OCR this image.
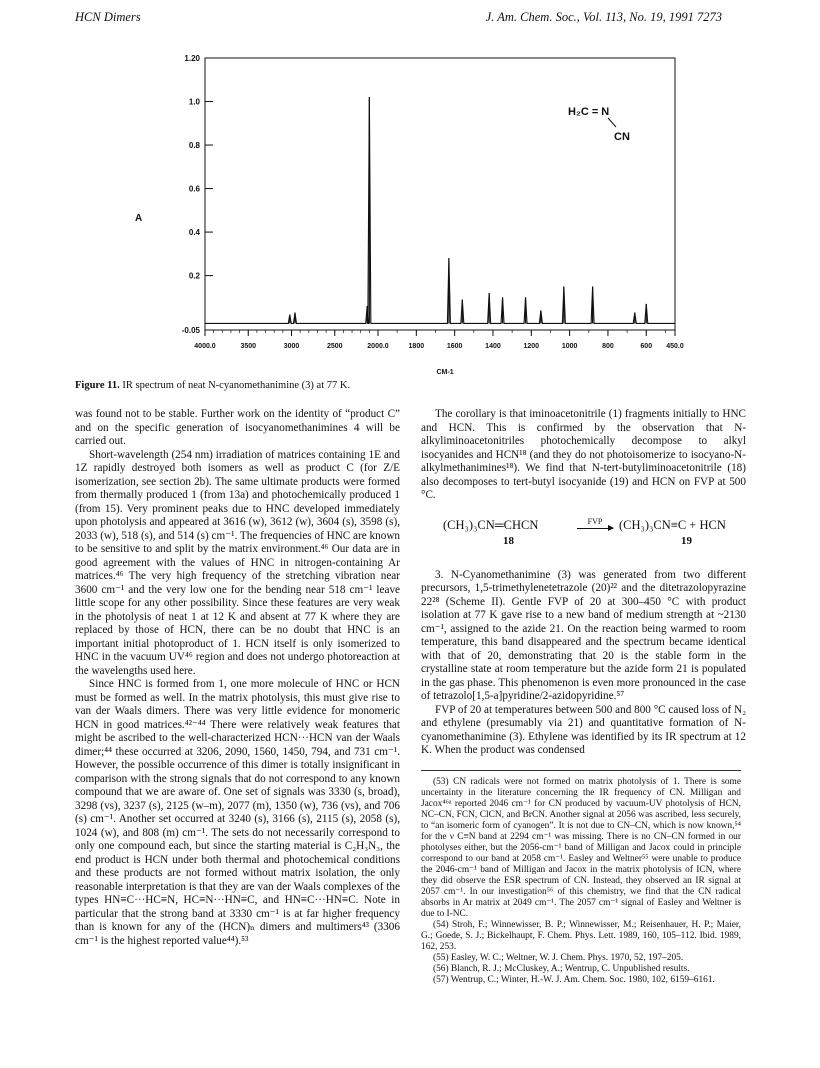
HCN Dimers	J. Am. Chem. Soc., Vol. 113, No. 19, 1991 7273
1.20
1.0
0.8
0.6
0.4
0.2
-0.05
A
4000.0	3500	3000	2500	2000.0	1800	1600	1400	1200	1000	800	600 450.0
CM-1
H₂C = N
CN
Figure 11. IR spectrum of neat N-cyanomethanimine (3) at 77 K.

was found not to be stable. Further work on the identity of “product C” and on the specific generation of isocyanomethanimines 4 will be carried out.

Short-wavelength (254 nm) irradiation of matrices containing 1E and 1Z rapidly destroyed both isomers as well as product C (for Z/E isomerization, see section 2b). The same ultimate products were formed from thermally produced 1 (from 13a) and photochemically produced 1 (from 15). Very prominent peaks due to HNC developed immediately upon photolysis and appeared at 3616 (w), 3612 (w), 3604 (s), 3598 (s), 2033 (w), 518 (s), and 514 (s) cm⁻¹. The frequencies of HNC are known to be sensitive to and split by the matrix environment.⁴⁶ Our data are in good agreement with the values of HNC in nitrogen-containing Ar matrices.⁴⁶ The very high frequency of the stretching vibration near 3600 cm⁻¹ and the very low one for the bending near 518 cm⁻¹ leave little scope for any other possibility. Since these features are very weak in the photolysis of neat 1 at 12 K and absent at 77 K where they are replaced by those of HCN, there can be no doubt that HNC is an important initial photoproduct of 1. HCN itself is only isomerized to HNC in the vacuum UV⁴⁶ region and does not undergo photoreaction at the wavelengths used here.

Since HNC is formed from 1, one more molecule of HNC or HCN must be formed as well. In the matrix photolysis, this must give rise to van der Waals dimers. There was very little evidence for monomeric HCN in good matrices.⁴²⁻⁴⁴ There were relatively weak features that might be ascribed to the well-characterized HCN···HCN van der Waals dimer;⁴⁴ these occurred at 3206, 2090, 1560, 1450, 794, and 731 cm⁻¹. However, the possible occurrence of this dimer is totally insignificant in comparison with the strong signals that do not correspond to any known compound that we are aware of. One set of signals was 3330 (s, broad), 3298 (vs), 3237 (s), 2125 (w–m), 2077 (m), 1350 (w), 736 (vs), and 706 (s) cm⁻¹. Another set occurred at 3240 (s), 3166 (s), 2115 (s), 2058 (s), 1024 (w), and 808 (m) cm⁻¹. The sets do not necessarily correspond to only one compound each, but since the starting material is C₂H₃N₃, the end product is HCN under both thermal and photochemical conditions and these products are not formed without matrix isolation, the only reasonable interpretation is that they are van der Waals complexes of the types HN≡C···HC≡N, HC≡N···HN≡C, and HN≡C···HN≡C. Note in particular that the strong band at 3330 cm⁻¹ is at far higher frequency than is known for any of the (HCN)ₙ dimers and multimers⁴³ (3306 cm⁻¹ is the highest reported value⁴⁴).⁵³

The corollary is that iminoacetonitrile (1) fragments initially to HNC and HCN. This is confirmed by the observation that N-alkyliminoacetonitriles photochemically decompose to alkyl isocyanides and HCN¹⁸ (and they do not photoisomerize to isocyano-N-alkylmethanimines¹⁸). We find that N-tert-butyliminoacetonitrile (18) also decomposes to tert-butyl isocyanide (19) and HCN on FVP at 500 °C.

(CH₃)₃CN═CHCN	FVP	(CH₃)₃CN≡C + HCN
18	19

3. N-Cyanomethanimine (3) was generated from two different precursors, 1,5-trimethylenetetrazole (20)²² and the ditetrazolopyrazine 22²⁸ (Scheme II). Gentle FVP of 20 at 300–450 °C with product isolation at 77 K gave rise to a new band of medium strength at ~2130 cm⁻¹, assigned to the azide 21. On the reaction being warmed to room temperature, this band disappeared and the spectrum became identical with that of 20, demonstrating that 20 is the stable form in the crystalline state at room temperature but the azide form 21 is populated in the gas phase. This phenomenon is even more pronounced in the case of tetrazolo[1,5-a]pyridine/2-azidopyridine.⁵⁷

FVP of 20 at temperatures between 500 and 800 °C caused loss of N₂ and ethylene (presumably via 21) and quantitative formation of N-cyanomethanimine (3). Ethylene was identified by its IR spectrum at 12 K. When the product was condensed

(53) CN radicals were not formed on matrix photolysis of 1. There is some uncertainty in the literature concerning the IR frequency of CN. Milligan and Jacox⁴⁶ᵃ reported 2046 cm⁻¹ for CN produced by vacuum-UV photolysis of HCN, NC–CN, FCN, ClCN, and BrCN. Another signal at 2056 was ascribed, less securely, to “an isomeric form of cyanogen”. It is not due to CN–CN, which is now known,⁵⁴ for the ν C≡N band at 2294 cm⁻¹ was missing. There is no CN–CN formed in our photolyses either, but the 2056-cm⁻¹ band of Milligan and Jacox could in principle correspond to our band at 2058 cm⁻¹. Easley and Weltner⁵⁵ were unable to produce the 2046-cm⁻¹ band of Milligan and Jacox in the matrix photolysis of ICN, where they did observe the ESR spectrum of CN. Instead, they observed an IR signal at 2057 cm⁻¹. In our investigation⁵⁶ of this chemistry, we find that the CN radical absorbs in Ar matrix at 2049 cm⁻¹. The 2057 cm⁻¹ signal of Easley and Weltner is due to I-NC.

(54) Stroh, F.; Winnewisser, B. P.; Winnewisser, M.; Reisenhauer, H. P.; Maier, G.; Goede, S. J.; Bickelhaupt, F. Chem. Phys. Lett. 1989, 160, 105–112. Ibid. 1989, 162, 253.

(55) Easley, W. C.; Weltner, W. J. Chem. Phys. 1970, 52, 197–205.

(56) Blanch, R. J.; McCluskey, A.; Wentrup, C. Unpublished results.

(57) Wentrup, C.; Winter, H.-W. J. Am. Chem. Soc. 1980, 102, 6159–6161.
